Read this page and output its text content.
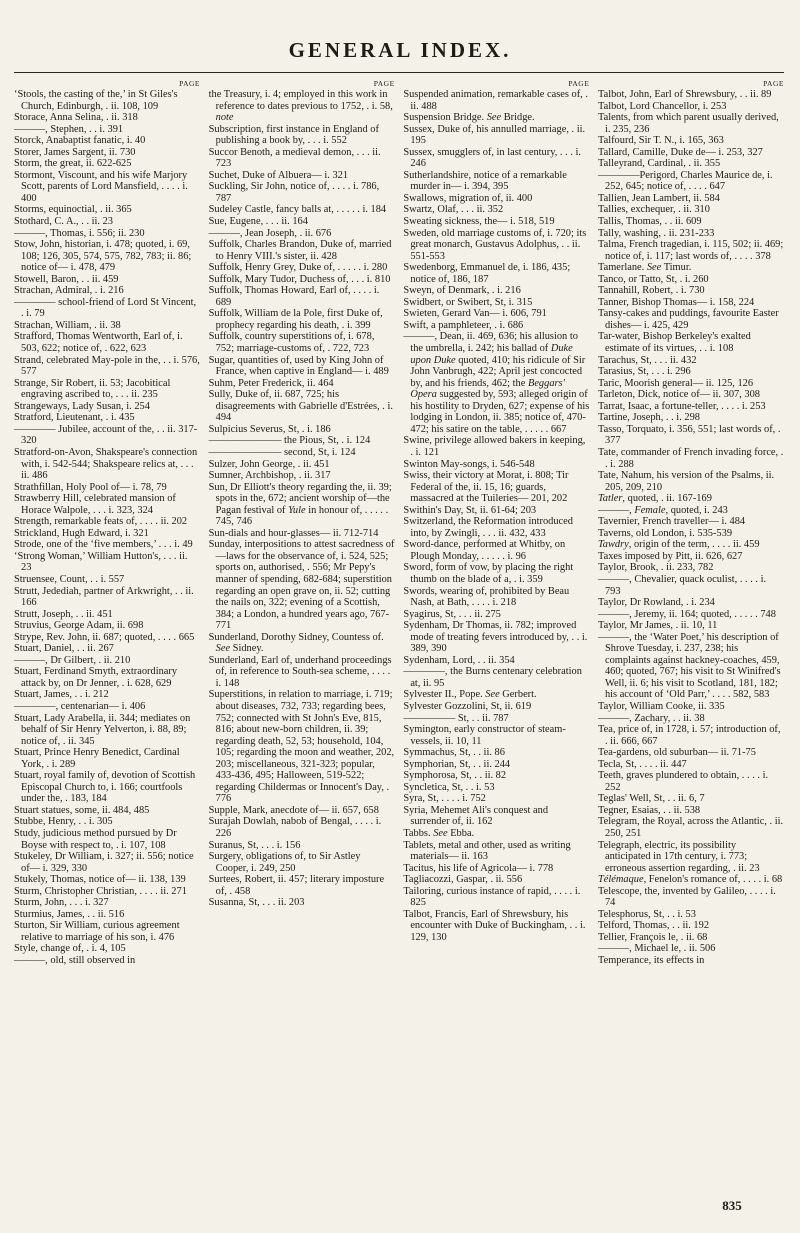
GENERAL INDEX.
PAGE
‘Stools, the casting of the,’ in St Giles's Church, Edinburgh, . ii. 108, 109
Storace, Anna Selina, . ii. 318
———, Stephen, . . i. 391
Storck, Anabaptist fanatic, i. 40
Storer, James Sargent, ii. 730
Storm, the great, ii. 622-625
Stormont, Viscount, and his wife Marjory Scott, parents of Lord Mansfield, . . . . i. 400
Storms, equinoctial, . ii. 365
Stothard, C. A., . . ii. 23
———, Thomas, i. 556; ii. 230
Stow, John, historian, i. 478; quoted, i. 69, 108; 126, 305, 574, 575, 782, 783; ii. 86; notice of— i. 478, 479
Stowell, Baron, . . ii. 459
Strachan, Admiral, . i. 216
———— school-friend of Lord St Vincent, . i. 79
Strachan, William, . ii. 38
Strafford, Thomas Wentworth, Earl of, i. 503, 622; notice of, . 622, 623
Strand, celebrated May-pole in the, . . i. 576, 577
Strange, Sir Robert, ii. 53; Jacobitical engraving ascribed to, . . . ii. 235
Strangeways, Lady Susan, i. 254
Stratford, Lieutenant, . i. 435
———— Jubilee, account of the, . . ii. 317-320
Stratford-on-Avon, Shakspeare's connection with, i. 542-544; Shakspeare relics at, . . . ii. 486
Strathfillan, Holy Pool of— i. 78, 79
Strawberry Hill, celebrated mansion of Horace Walpole, . . . i. 323, 324
Strength, remarkable feats of, . . . . ii. 202
Strickland, Hugh Edward, i. 321
Strode, one of the ‘five members,’ . . . i. 49
‘Strong Woman,’ William Hutton's, . . . ii. 23
Struensee, Count, . . i. 557
Strutt, Jedediah, partner of Arkwright, . . ii. 166
Strutt, Joseph, . . ii. 451
Struvius, George Adam, ii. 698
Strype, Rev. John, ii. 687; quoted, . . . . 665
Stuart, Daniel, . . ii. 267
———, Dr Gilbert, . ii. 210
Stuart, Ferdinand Smyth, extraordinary attack by, on Dr Jenner, . i. 628, 629
Stuart, James, . . i. 212
————, centenarian— i. 406
Stuart, Lady Arabella, ii. 344; mediates on behalf of Sir Henry Yelverton, i. 88, 89; notice of, . ii. 345
Stuart, Prince Henry Benedict, Cardinal York, . i. 289
Stuart, royal family of, devotion of Scottish Episcopal Church to, i. 166; courtfools under the, . 183, 184
Stuart statues, some, ii. 484, 485
Stubbe, Henry, . . i. 305
Study, judicious method pursued by Dr Boyse with respect to, . i. 107, 108
Stukeley, Dr William, i. 327; ii. 556; notice of— i. 329, 330
Stukely, Thomas, notice of— ii. 138, 139
Sturm, Christopher Christian, . . . . ii. 271
Sturm, John, . . . i. 327
Sturmius, James, . . ii. 516
Sturton, Sir William, curious agreement relative to marriage of his son, i. 476
Style, change of, . i. 4, 105
———, old, still observed in
PAGE
the Treasury, i. 4; employed in this work in reference to dates previous to 1752, . i. 58, note
Subscription, first instance in England of publishing a book by, . . . i. 552
Succor Benoth, a medieval demon, . . . ii. 723
Suchet, Duke of Albuera— i. 321
Suckling, Sir John, notice of, . . . . i. 786, 787
Sudeley Castle, fancy balls at, . . . . . i. 184
Sue, Eugene, . . . ii. 164
———, Jean Joseph, . ii. 676
Suffolk, Charles Brandon, Duke of, married to Henry VIII.'s sister, ii. 428
Suffolk, Henry Grey, Duke of, . . . . . i. 280
Suffolk, Mary Tudor, Duchess of, . . . i. 810
Suffolk, Thomas Howard, Earl of, . . . . i. 689
Suffolk, William de la Pole, first Duke of, prophecy regarding his death, . i. 399
Suffolk, country superstitions of, i. 678, 752; marriage-customs of, . 722, 723
Sugar, quantities of, used by King John of France, when captive in England— i. 489
Suhm, Peter Frederick, ii. 464
Sully, Duke of, ii. 687, 725; his disagreements with Gabrielle d'Estrées, . i. 494
Sulpicius Severus, St, . i. 186
——————— the Pious, St, . i. 124
——————— second, St, i. 124
Sulzer, John George, . ii. 451
Sumner, Archbishop, . ii. 317
Sun, Dr Elliott's theory regarding the, ii. 39; spots in the, 672; ancient worship of—the Pagan festival of Yule in honour of, . . . . . 745, 746
Sun-dials and hour-glasses— ii. 712-714
Sunday, interpositions to attest sacredness of—laws for the observance of, i. 524, 525; sports on, authorised, . 556; Mr Pepy's manner of spending, 682-684; superstition regarding an open grave on, ii. 52; cutting the nails on, 322; evening of a Scottish, 384; a London, a hundred years ago, 767-771
Sunderland, Dorothy Sidney, Countess of. See Sidney.
Sunderland, Earl of, underhand proceedings of, in reference to South-sea scheme, . . . . i. 148
Superstitions, in relation to marriage, i. 719; about diseases, 732, 733; regarding bees, 752; connected with St John's Eve, 815, 816; about new-born children, ii. 39; regarding death, 52, 53; household, 104, 105; regarding the moon and weather, 202, 203; miscellaneous, 321-323; popular, 433-436, 495; Halloween, 519-522; regarding Childermas or Innocent's Day, . 776
Supple, Mark, anecdote of— ii. 657, 658
Surajah Dowlah, nabob of Bengal, . . . . i. 226
Suranus, St, . . . i. 156
Surgery, obligations of, to Sir Astley Cooper, i. 249, 250
Surtees, Robert, ii. 457; literary imposture of, . 458
Susanna, St, . . . ii. 203
PAGE
Suspended animation, remarkable cases of, . ii. 488
Suspension Bridge. See Bridge.
Sussex, Duke of, his annulled marriage, . ii. 195
Sussex, smugglers of, in last century, . . . i. 246
Sutherlandshire, notice of a remarkable murder in— i. 394, 395
Swallows, migration of, ii. 400
Swartz, Olaf, . . . ii. 352
Sweating sickness, the— i. 518, 519
Sweden, old marriage customs of, i. 720; its great monarch, Gustavus Adolphus, . . ii. 551-553
Swedenborg, Emmanuel de, i. 186, 435; notice of, 186, 187
Sweyn, of Denmark, . i. 216
Swidbert, or Swibert, St, i. 315
Swieten, Gerard Van— i. 606, 791
Swift, a pamphleteer, . i. 686
———, Dean, ii. 469, 636; his allusion to the umbrella, i. 242; his ballad of Duke upon Duke quoted, 410; his ridicule of Sir John Vanbrugh, 422; April jest concocted by, and his friends, 462; the Beggars' Opera suggested by, 593; alleged origin of his hostility to Dryden, 627; expense of his lodging in London, ii. 385; notice of, 470-472; his satire on the table, . . . . . 667
Swine, privilege allowed bakers in keeping, . i. 121
Swinton May-songs, i. 546-548
Swiss, their victory at Morat, i. 808; Tir Federal of the, ii. 15, 16; guards, massacred at the Tuileries— 201, 202
Swithin's Day, St, ii. 61-64; 203
Switzerland, the Reformation introduced into, by Zwingli, . . . ii. 432, 433
Sword-dance, performed at Whitby, on Plough Monday, . . . . . i. 96
Sword, form of vow, by placing the right thumb on the blade of a, . i. 359
Swords, wearing of, prohibited by Beau Nash, at Bath, . . . . i. 218
Syagirus, St, . . . ii. 275
Sydenham, Dr Thomas, ii. 782; improved mode of treating fevers introduced by, . . i. 389, 390
Sydenham, Lord, . . ii. 354
————, the Burns centenary celebration at, ii. 95
Sylvester II., Pope. See Gerbert.
Sylvester Gozzolini, St, ii. 619
————— St, . . ii. 787
Symington, early constructor of steam-vessels, ii. 10, 11
Symmachus, St, . . ii. 86
Symphorian, St, . . ii. 244
Symphorosa, St, . . ii. 82
Syncletica, St, . . i. 53
Syra, St, . . . . i. 752
Syria, Mehemet Ali's conquest and surrender of, ii. 162
Tabbs. See Ebba.
Tablets, metal and other, used as writing materials— ii. 163
Tacitus, his life of Agricola— i. 778
Tagliacozzi, Gaspar, . ii. 556
Tailoring, curious instance of rapid, . . . . i. 825
Talbot, Francis, Earl of Shrewsbury, his encounter with Duke of Buckingham, . . i. 129, 130
PAGE
Talbot, John, Earl of Shrewsbury, . . ii. 89
Talbot, Lord Chancellor, i. 253
Talents, from which parent usually derived, i. 235, 236
Talfourd, Sir T. N., i. 165, 363
Tallard, Camille, Duke de— i. 253, 327
Talleyrand, Cardinal, . ii. 355
————Perigord, Charles Maurice de, i. 252, 645; notice of, . . . . 647
Tallien, Jean Lambert, ii. 584
Tallies, exchequer, . ii. 310
Tallis, Thomas, . . ii. 609
Tally, washing, . ii. 231-233
Talma, French tragedian, i. 115, 502; ii. 469; notice of, i. 117; last words of, . . . . 378
Tamerlane. See Timur.
Tanco, or Tatto, St, . i. 260
Tannahill, Robert, . i. 730
Tanner, Bishop Thomas— i. 158, 224
Tansy-cakes and puddings, favourite Easter dishes— i. 425, 429
Tar-water, Bishop Berkeley's exalted estimate of its virtues, . . i. 108
Tarachus, St, . . . ii. 432
Tarasius, St, . . . i. 296
Taric, Moorish general— ii. 125, 126
Tarleton, Dick, notice of— ii. 307, 308
Tarrat, Isaac, a fortune-teller, . . . . i. 253
Tartine, Joseph, . . i. 298
Tasso, Torquato, i. 356, 551; last words of, . 377
Tate, commander of French invading force, . . i. 288
Tate, Nahum, his version of the Psalms, ii. 205, 209, 210
Tatler, quoted, . ii. 167-169
———, Female, quoted, i. 243
Tavernier, French traveller— i. 484
Taverns, old London, i. 535-539
Tawdry, origin of the term, . . . . ii. 459
Taxes imposed by Pitt, ii. 626, 627
Taylor, Brook, . ii. 233, 782
———, Chevalier, quack oculist, . . . . i. 793
Taylor, Dr Rowland, . i. 234
———, Jeremy, ii. 164; quoted, . . . . . 748
Taylor, Mr James, . ii. 10, 11
———, the ‘Water Poet,’ his description of Shrove Tuesday, i. 237, 238; his complaints against hackney-coaches, 459, 460; quoted, 767; his visit to St Winifred's Well, ii. 6; his visit to Scotland, 181, 182; his account of ‘Old Parr,’ . . . . 582, 583
Taylor, William Cooke, ii. 335
———, Zachary, . . ii. 38
Tea, price of, in 1728, i. 57; introduction of, . ii. 666, 667
Tea-gardens, old suburban— ii. 71-75
Tecla, St, . . . . ii. 447
Teeth, graves plundered to obtain, . . . . i. 252
Teglas' Well, St, . . ii. 6, 7
Tegner, Esaias, . . ii. 538
Telegram, the Royal, across the Atlantic, . ii. 250, 251
Telegraph, electric, its possibility anticipated in 17th century, i. 773; erroneous assertion regarding, . ii. 23
Télémaque, Fenelon's romance of, . . . . i. 68
Telescope, the, invented by Galileo, . . . . i. 74
Telesphorus, St, . . i. 53
Telford, Thomas, . . ii. 192
Tellier, François le, . ii. 68
———, Michael le, . ii. 506
Temperance, its effects in
835
